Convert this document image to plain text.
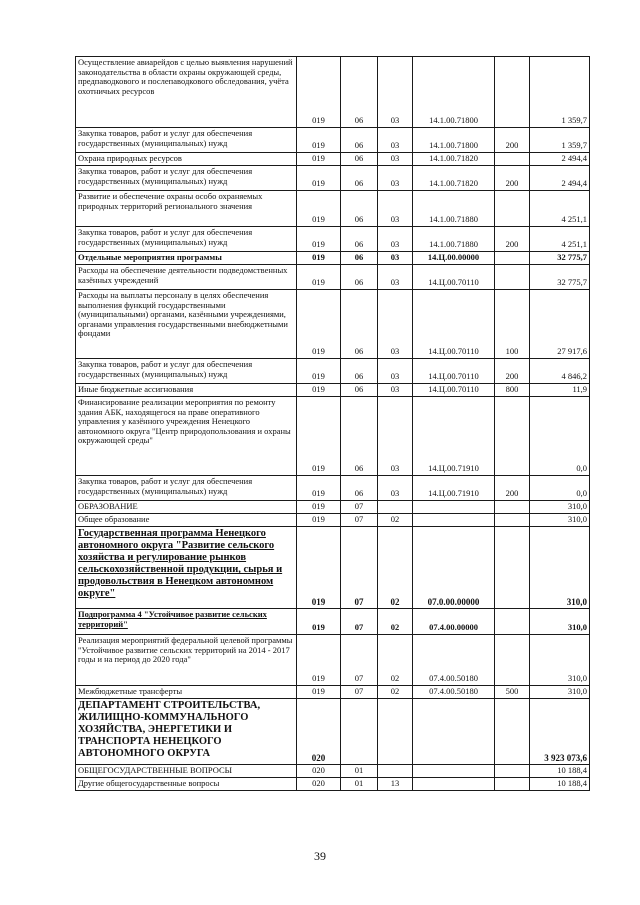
Осуществление авиарейдов с целью выявления нарушений законодательства в области охраны окружающей среды, предпаводкового и послепаводкового обследования, учёта охотничьих ресурсов	019	06	03	14.1.00.71800		1 359,7
Закупка товаров, работ и услуг для обеспечения государственных (муниципальных) нужд	019	06	03	14.1.00.71800	200	1 359,7
Охрана природных ресурсов	019	06	03	14.1.00.71820		2 494,4
Закупка товаров, работ и услуг для обеспечения государственных (муниципальных) нужд	019	06	03	14.1.00.71820	200	2 494,4
Развитие и обеспечение охраны особо охраняемых природных территорий регионального значения	019	06	03	14.1.00.71880		4 251,1
Закупка товаров, работ и услуг для обеспечения государственных (муниципальных) нужд	019	06	03	14.1.00.71880	200	4 251,1
Отдельные мероприятия программы	019	06	03	14.Ц.00.00000		32 775,7
Расходы на обеспечение деятельности подведомственных казённых учреждений	019	06	03	14.Ц.00.70110		32 775,7
Расходы на выплаты персоналу в целях обеспечения выполнения функций государственными (муниципальными) органами, казёнными учреждениями, органами управления государственными внебюджетными фондами	019	06	03	14.Ц.00.70110	100	27 917,6
Закупка товаров, работ и услуг для обеспечения государственных (муниципальных) нужд	019	06	03	14.Ц.00.70110	200	4 846,2
Иные бюджетные ассигнования	019	06	03	14.Ц.00.70110	800	11,9
Финансирование реализации мероприятия по ремонту здания АБК, находящегося на праве оперативного управления у казённого учреждения Ненецкого автономного округа "Центр природопользования и охраны окружающей среды"	019	06	03	14.Ц.00.71910		0,0
Закупка товаров, работ и услуг для обеспечения государственных (муниципальных) нужд	019	06	03	14.Ц.00.71910	200	0,0
ОБРАЗОВАНИЕ	019	07				310,0
Общее образование	019	07	02			310,0
Государственная программа Ненецкого автономного округа "Развитие сельского хозяйства и регулирование рынков сельскохозяйственной продукции, сырья и продовольствия в Ненецком автономном округе"	019	07	02	07.0.00.00000		310,0
Подпрограмма 4 "Устойчивое развитие сельских территорий"	019	07	02	07.4.00.00000		310,0
Реализация мероприятий федеральной целевой программы "Устойчивое развитие сельских территорий на 2014 - 2017 годы и на период до 2020 года"	019	07	02	07.4.00.50180		310,0
Межбюджетные трансферты	019	07	02	07.4.00.50180	500	310,0
ДЕПАРТАМЕНТ СТРОИТЕЛЬСТВА, ЖИЛИЩНО-КОММУНАЛЬНОГО ХОЗЯЙСТВА, ЭНЕРГЕТИКИ И ТРАНСПОРТА НЕНЕЦКОГО АВТОНОМНОГО ОКРУГА	020					3 923 073,6
ОБЩЕГОСУДАРСТВЕННЫЕ ВОПРОСЫ	020	01				10 188,4
Другие общегосударственные вопросы	020	01	13			10 188,4
39
